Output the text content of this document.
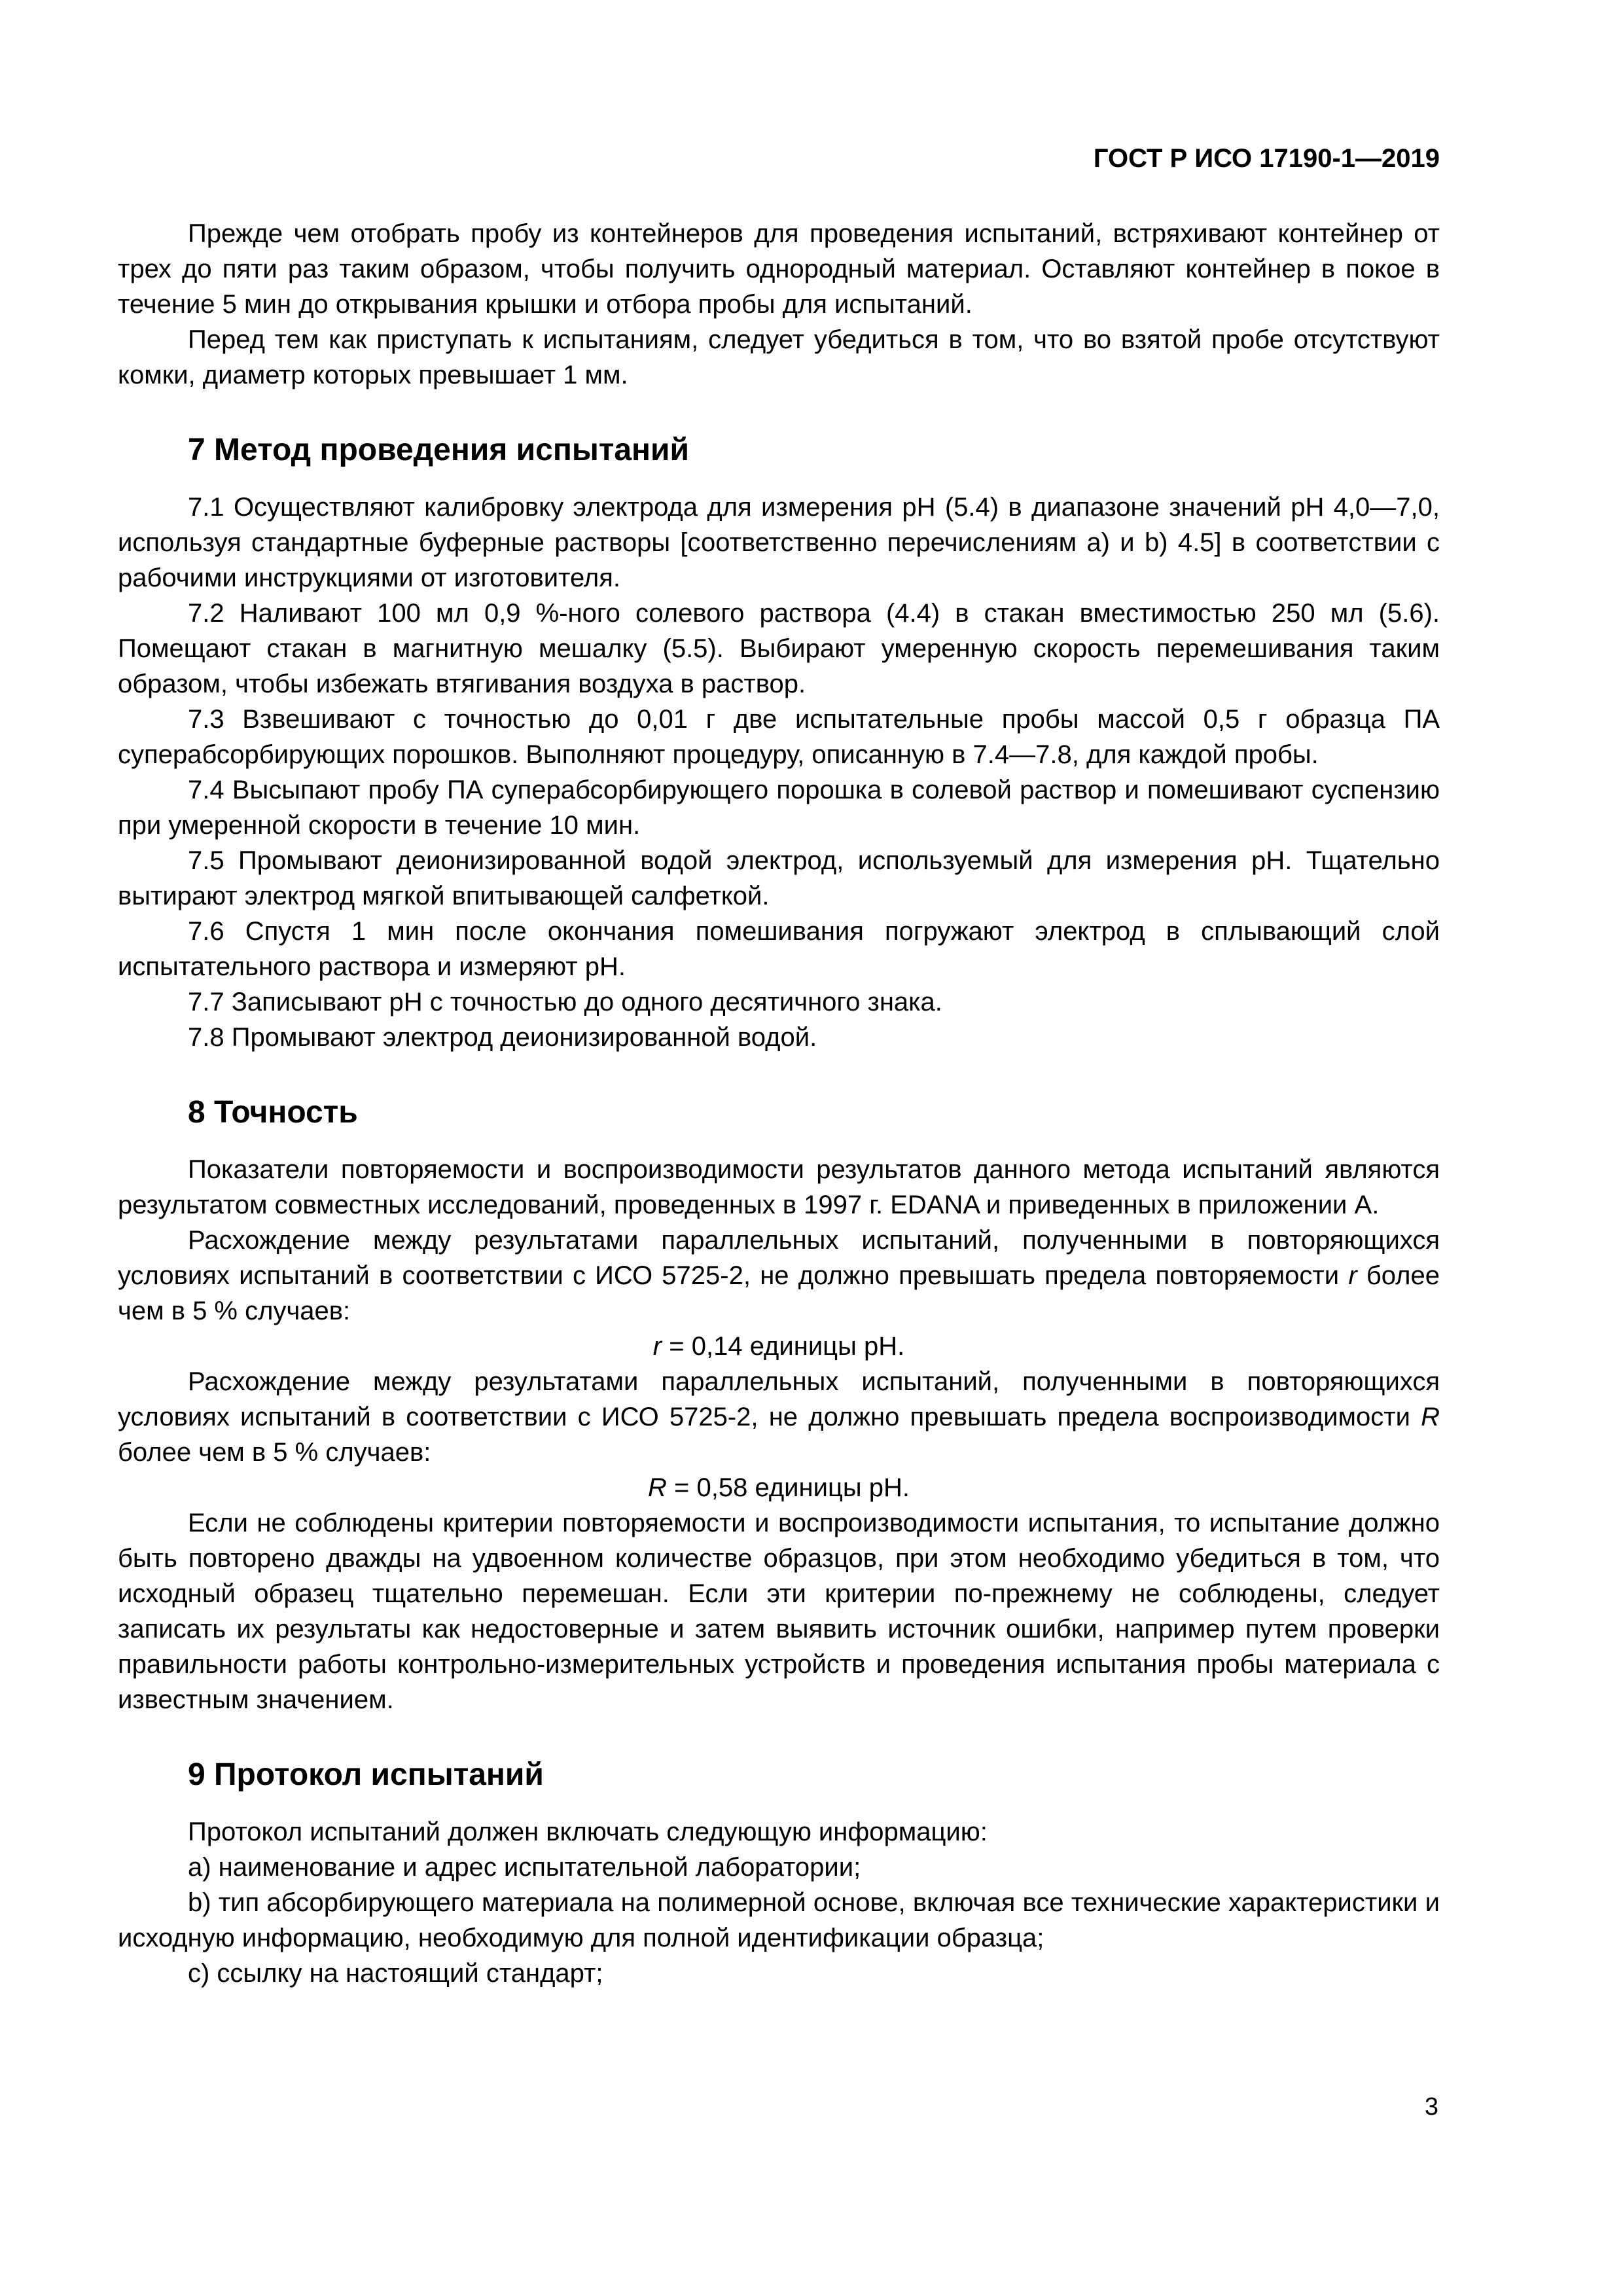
ГОСТ Р ИСО 17190-1—2019

Прежде чем отобрать пробу из контейнеров для проведения испытаний, встряхивают контейнер от трех до пяти раз таким образом, чтобы получить однородный материал. Оставляют контейнер в покое в течение 5 мин до открывания крышки и отбора пробы для испытаний.

Перед тем как приступать к испытаниям, следует убедиться в том, что во взятой пробе отсутствуют комки, диаметр которых превышает 1 мм.

7 Метод проведения испытаний

7.1 Осуществляют калибровку электрода для измерения pH (5.4) в диапазоне значений pH 4,0—7,0, используя стандартные буферные растворы [соответственно перечислениям a) и b) 4.5] в соответствии с рабочими инструкциями от изготовителя.

7.2 Наливают 100 мл 0,9 %-ного солевого раствора (4.4) в стакан вместимостью 250 мл (5.6). Помещают стакан в магнитную мешалку (5.5). Выбирают умеренную скорость перемешивания таким образом, чтобы избежать втягивания воздуха в раствор.

7.3 Взвешивают с точностью до 0,01 г две испытательные пробы массой 0,5 г образца ПА суперабсорбирующих порошков. Выполняют процедуру, описанную в 7.4—7.8, для каждой пробы.

7.4 Высыпают пробу ПА суперабсорбирующего порошка в солевой раствор и помешивают суспензию при умеренной скорости в течение 10 мин.

7.5 Промывают деионизированной водой электрод, используемый для измерения pH. Тщательно вытирают электрод мягкой впитывающей салфеткой.

7.6 Спустя 1 мин после окончания помешивания погружают электрод в сплывающий слой испытательного раствора и измеряют pH.

7.7 Записывают pH с точностью до одного десятичного знака.

7.8 Промывают электрод деионизированной водой.

8 Точность

Показатели повторяемости и воспроизводимости результатов данного метода испытаний являются результатом совместных исследований, проведенных в 1997 г. EDANA и приведенных в приложении А.

Расхождение между результатами параллельных испытаний, полученными в повторяющихся условиях испытаний в соответствии с ИСО 5725-2, не должно превышать предела повторяемости r более чем в 5 % случаев:

r = 0,14 единицы pH.

Расхождение между результатами параллельных испытаний, полученными в повторяющихся условиях испытаний в соответствии с ИСО 5725-2, не должно превышать предела воспроизводимости R более чем в 5 % случаев:

R = 0,58 единицы pH.

Если не соблюдены критерии повторяемости и воспроизводимости испытания, то испытание должно быть повторено дважды на удвоенном количестве образцов, при этом необходимо убедиться в том, что исходный образец тщательно перемешан. Если эти критерии по-прежнему не соблюдены, следует записать их результаты как недостоверные и затем выявить источник ошибки, например путем проверки правильности работы контрольно-измерительных устройств и проведения испытания пробы материала с известным значением.

9 Протокол испытаний

Протокол испытаний должен включать следующую информацию:

a) наименование и адрес испытательной лаборатории;

b) тип абсорбирующего материала на полимерной основе, включая все технические характеристики и исходную информацию, необходимую для полной идентификации образца;

c) ссылку на настоящий стандарт;

3
